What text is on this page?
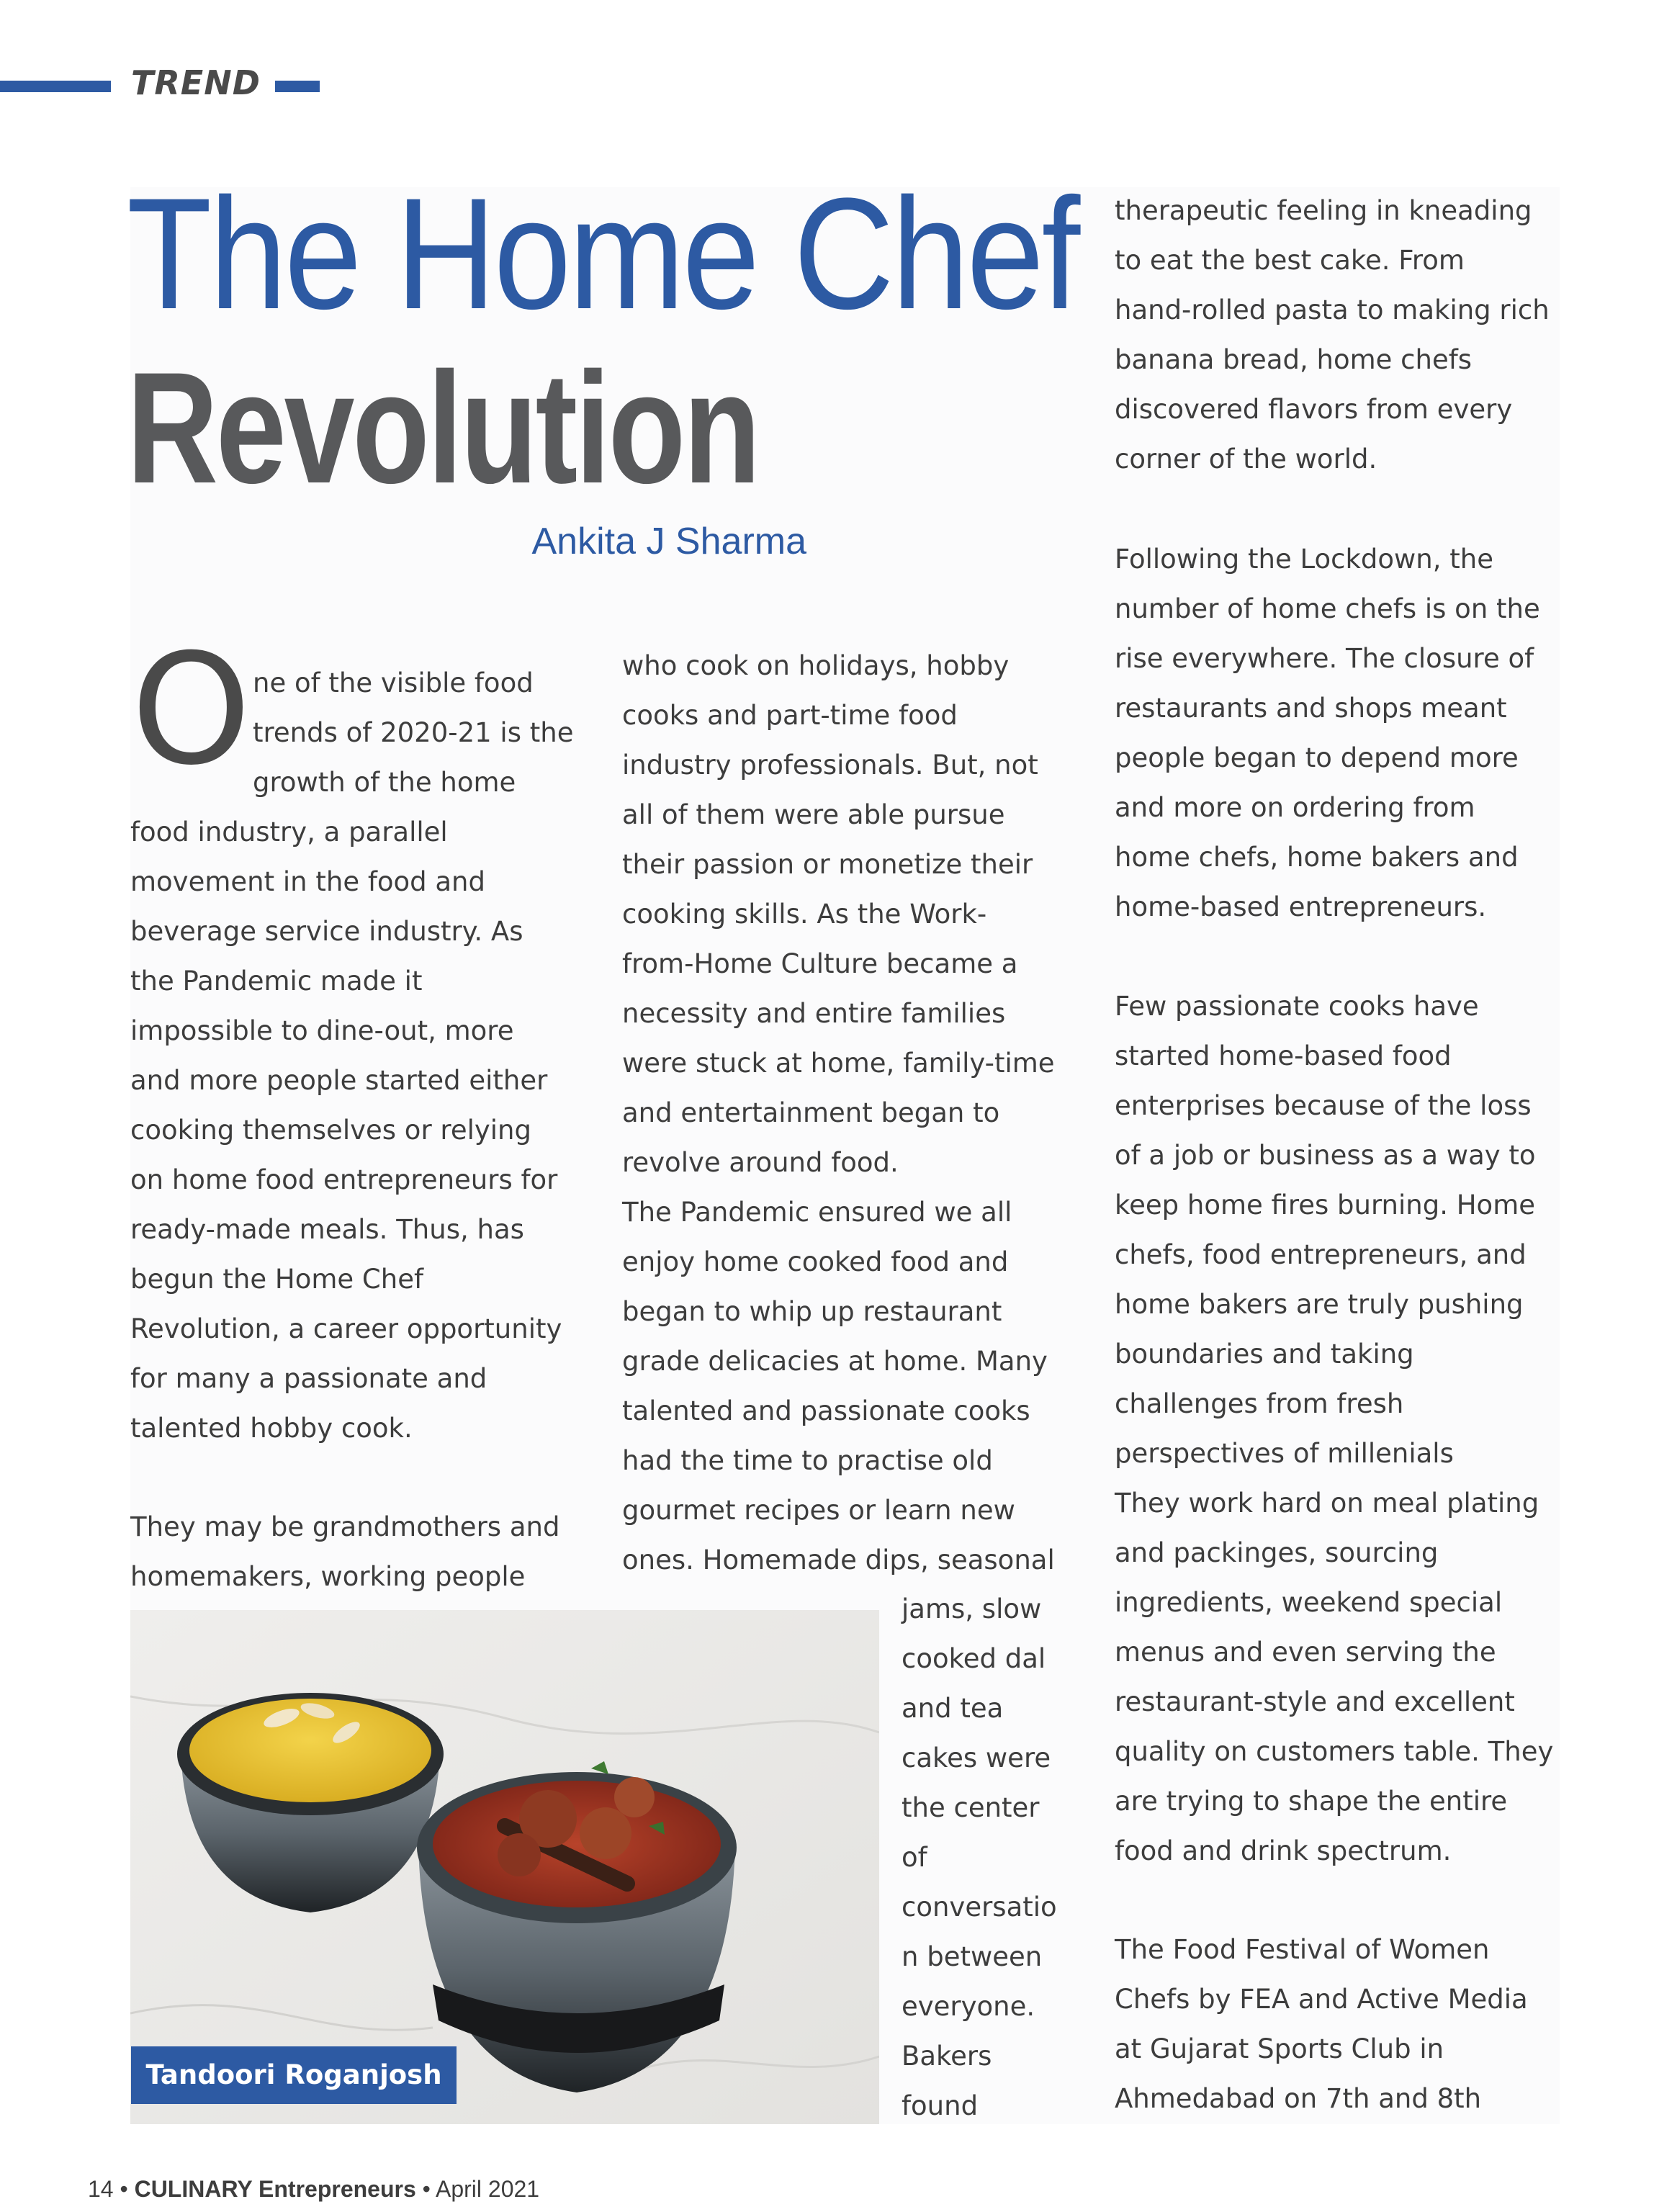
TREND
The Home Chef
Revolution
Ankita J Sharma
O ne of the visible food

trends of 2020-21 is the

growth of the home

food industry, a parallel

movement in the food and

beverage service industry. As

the Pandemic made it

impossible to dine-out, more

and more people started either

cooking themselves or relying

on home food entrepreneurs for

ready-made meals. Thus, has

begun the Home Chef

Revolution, a career opportunity

for many a passionate and

talented hobby cook.

They may be grandmothers and

homemakers, working people

who cook on holidays, hobby

cooks and part-time food

industry professionals. But, not

all of them were able pursue

their passion or monetize their

cooking skills. As the Work-

from-Home Culture became a

necessity and entire families

were stuck at home, family-time

and entertainment began to

revolve around food.

The Pandemic ensured we all

enjoy home cooked food and

began to whip up restaurant

grade delicacies at home. Many

talented and passionate cooks

had the time to practise old

gourmet recipes or learn new

ones. Homemade dips, seasonal

jams, slow

cooked dal

and tea

cakes were

the center

of

conversatio

n between

everyone.

Bakers

found

therapeutic feeling in kneading

to eat the best cake. From

hand-rolled pasta to making rich

banana bread, home chefs

discovered flavors from every

corner of the world.

Following the Lockdown, the

number of home chefs is on the

rise everywhere. The closure of

restaurants and shops meant

people began to depend more

and more on ordering from

home chefs, home bakers and

home-based entrepreneurs.

Few passionate cooks have

started home-based food

enterprises because of the loss

of a job or business as a way to

keep home fires burning. Home

chefs, food entrepreneurs, and

home bakers are truly pushing

boundaries and taking

challenges from fresh

perspectives of millenials

They work hard on meal plating

and packinges, sourcing

ingredients, weekend special

menus and even serving the

restaurant-style and excellent

quality on customers table. They

are trying to shape the entire

food and drink spectrum.

The Food Festival of Women

Chefs by FEA and Active Media

at Gujarat Sports Club in

Ahmedabad on 7th and 8th

Tandoori Roganjosh
14 • CULINARY Entrepreneurs • April 2021
